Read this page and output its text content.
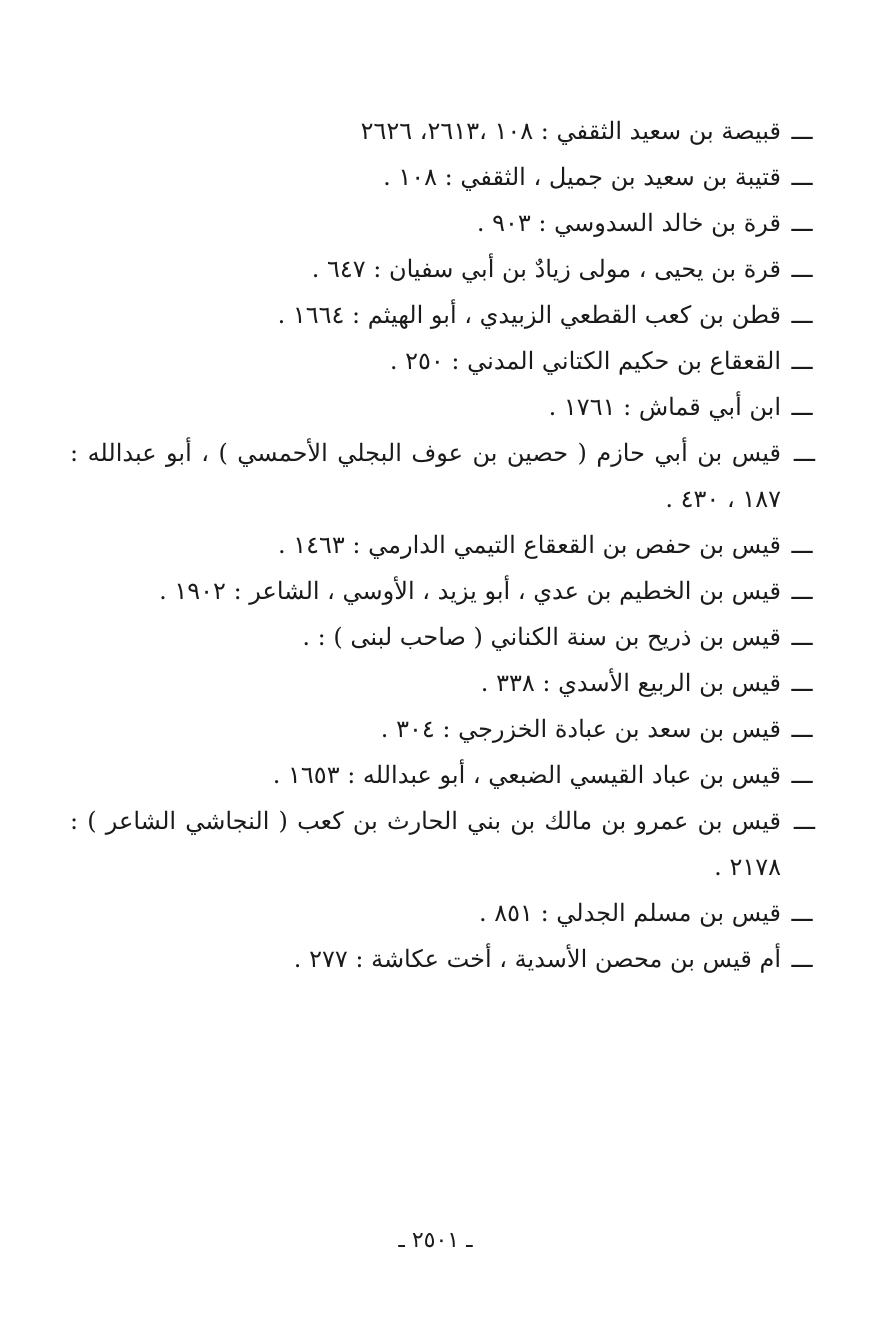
ـــ
قبيصة بن سعيد الثقفي : ١٠٨ ،٢٦١٣، ٢٦٢٦
ـــ
قتيبة بن سعيد بن جميل ، الثقفي : ١٠٨ .
ـــ
قرة بن خالد السدوسي : ٩٠٣ .
ـــ
قرة بن يحيى ، مولى زيادٌ بن أبي سفيان : ٦٤٧ .
ـــ
قطن بن كعب القطعي الزبيدي ، أبو الهيثم : ١٦٦٤ .
ـــ
القعقاع بن حكيم الكتاني المدني : ٢٥٠ .
ـــ
ابن أبي قماش : ١٧٦١ .
ـــ
قيس بن أبي حازم ( حصين بن عوف البجلي الأحمسي ) ، أبو عبدالله : ١٨٧ ، ٤٣٠ .
ـــ
قيس بن حفص بن القعقاع التيمي الدارمي : ١٤٦٣ .
ـــ
قيس بن الخطيم بن عدي ، أبو يزيد ، الأوسي ، الشاعر : ١٩٠٢ .
ـــ
قيس بن ذريح بن سنة الكناني ( صاحب لبنى ) : .
ـــ
قيس بن الربيع الأسدي : ٣٣٨ .
ـــ
قيس بن سعد بن عبادة الخزرجي : ٣٠٤ .
ـــ
قيس بن عباد القيسي الضبعي ، أبو عبدالله : ١٦٥٣ .
ـــ
قيس بن عمرو بن مالك بن بني الحارث بن كعب ( النجاشي الشاعر ) : ٢١٧٨ .
ـــ
قيس بن مسلم الجدلي : ٨٥١ .
ـــ
أم قيس بن محصن الأسدية ، أخت عكاشة : ٢٧٧ .
ـ ٢٥٠١ ـ
